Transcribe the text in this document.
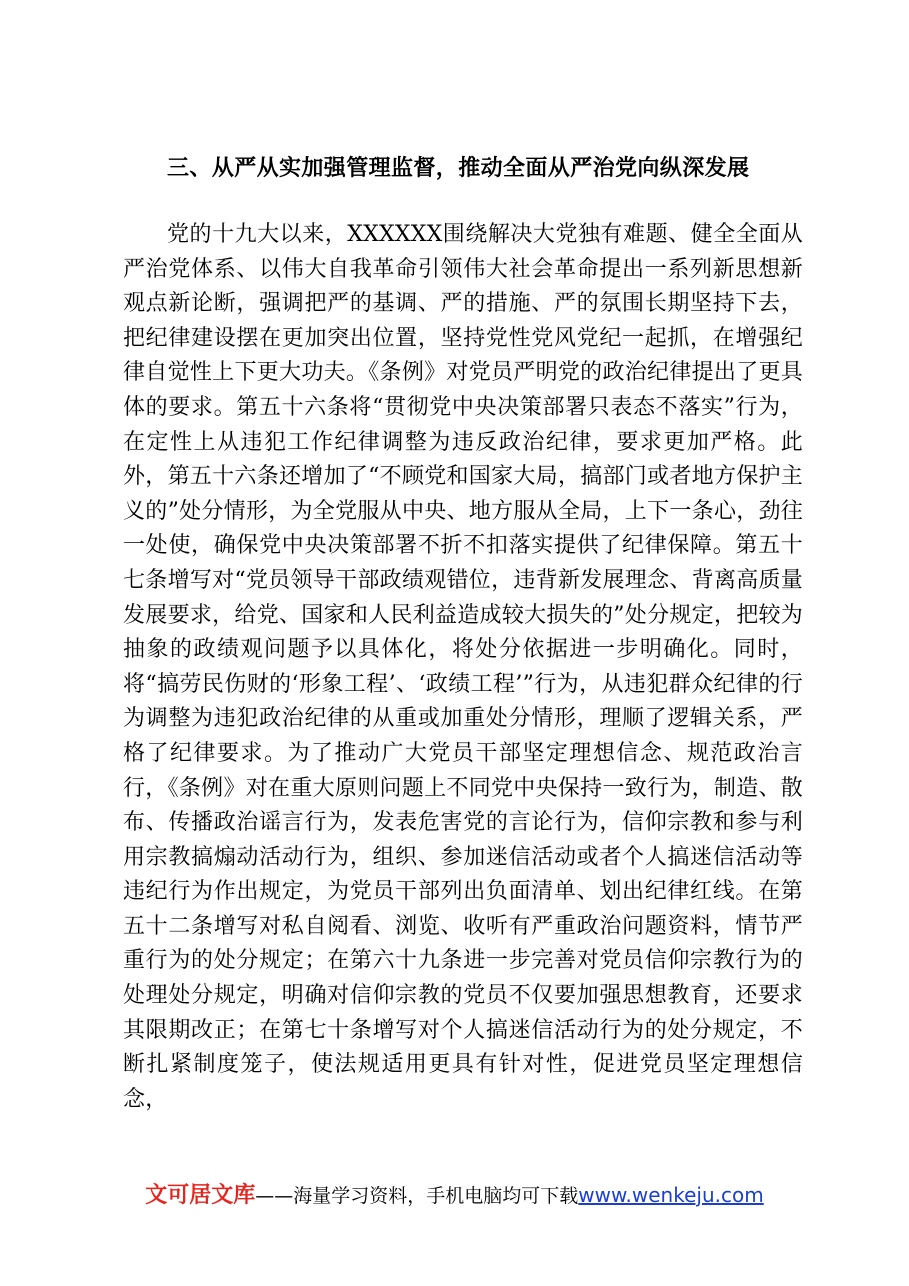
三、从严从实加强管理监督，推动全面从严治党向纵深发展

党的十九大以来，XXXXXX围绕解决大党独有难题、健全全面从严治党体系、以伟大自我革命引领伟大社会革命提出一系列新思想新观点新论断，强调把严的基调、严的措施、严的氛围长期坚持下去，把纪律建设摆在更加突出位置，坚持党性党风党纪一起抓，在增强纪律自觉性上下更大功夫。《条例》对党员严明党的政治纪律提出了更具体的要求。第五十六条将“贯彻党中央决策部署只表态不落实”行为，在定性上从违犯工作纪律调整为违反政治纪律，要求更加严格。此外，第五十六条还增加了“不顾党和国家大局，搞部门或者地方保护主义的”处分情形，为全党服从中央、地方服从全局，上下一条心，劲往一处使，确保党中央决策部署不折不扣落实提供了纪律保障。第五十七条增写对“党员领导干部政绩观错位，违背新发展理念、背离高质量发展要求，给党、国家和人民利益造成较大损失的”处分规定，把较为抽象的政绩观问题予以具体化，将处分依据进一步明确化。同时，将“搞劳民伤财的‘形象工程’、‘政绩工程’”行为，从违犯群众纪律的行为调整为违犯政治纪律的从重或加重处分情形，理顺了逻辑关系，严格了纪律要求。为了推动广大党员干部坚定理想信念、规范政治言行，《条例》对在重大原则问题上不同党中央保持一致行为，制造、散布、传播政治谣言行为，发表危害党的言论行为，信仰宗教和参与利用宗教搞煽动活动行为，组织、参加迷信活动或者个人搞迷信活动等违纪行为作出规定，为党员干部列出负面清单、划出纪律红线。在第五十二条增写对私自阅看、浏览、收听有严重政治问题资料，情节严重行为的处分规定；在第六十九条进一步完善对党员信仰宗教行为的处理处分规定，明确对信仰宗教的党员不仅要加强思想教育，还要求其限期改正；在第七十条增写对个人搞迷信活动行为的处分规定，不断扎紧制度笼子，使法规适用更具有针对性，促进党员坚定理想信念，

文可居文库——海量学习资料，手机电脑均可下载www.wenkeju.com
